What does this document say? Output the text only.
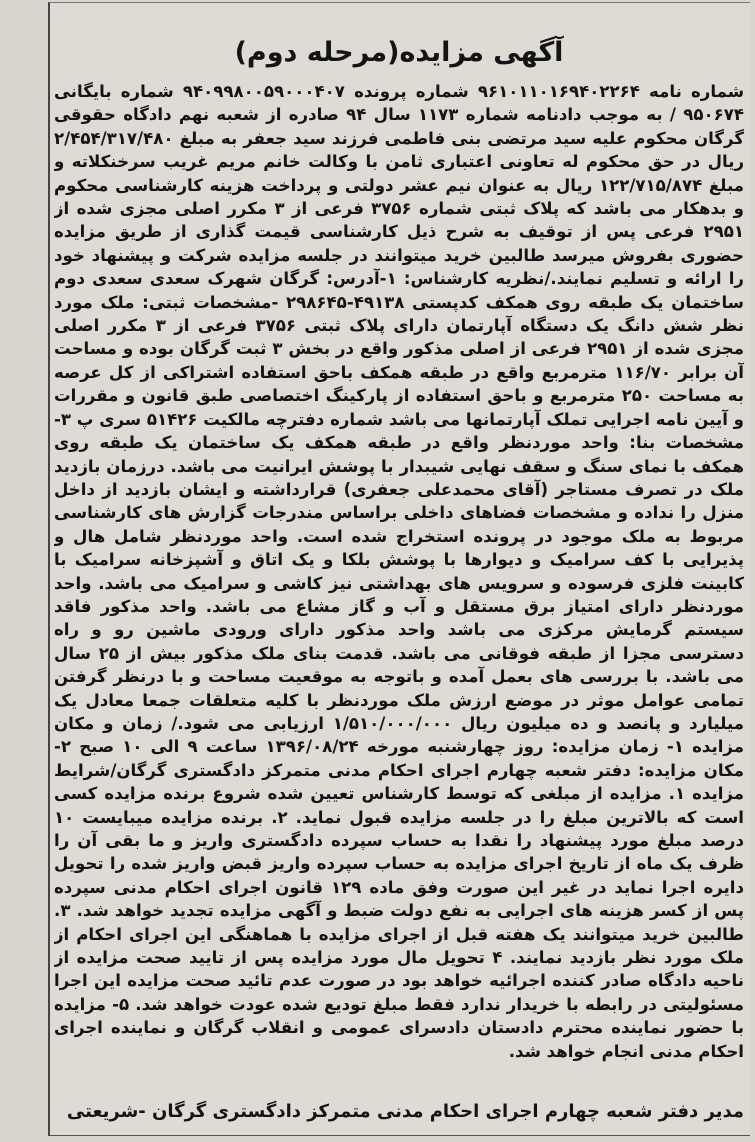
آگهی مزایده(مرحله دوم)
شماره نامه ۹۶۱۰۱۱۰۱۶۹۴۰۲۲۶۴ شماره پرونده ۹۴۰۹۹۸۰۰۵۹۰۰۰۴۰۷ شماره بایگانی ۹۵۰۶۷۴ / به موجب دادنامه شماره ۱۱۷۳ سال ۹۴ صادره از شعبه نهم دادگاه حقوقی گرگان محکوم علیه سید مرتضی بنی فاطمی فرزند سید جعفر به مبلغ ۲/۴۵۴/۳۱۷/۴۸۰ ریال در حق محکوم له تعاونی اعتباری ثامن با وکالت خانم مریم غریب سرخنکلاته و مبلغ ۱۲۲/۷۱۵/۸۷۴ ریال به عنوان نیم عشر دولتی و پرداخت هزینه کارشناسی محکوم و بدهکار می باشد که پلاک ثبتی شماره ۳۷۵۶ فرعی از ۳ مکرر اصلی مجزی شده از ۲۹۵۱ فرعی پس از توقیف به شرح ذیل کارشناسی قیمت گذاری از طریق مزایده حضوری بفروش میرسد طالبین خرید میتوانند در جلسه مزایده شرکت و پیشنهاد خود را ارائه و تسلیم نمایند./نظریه کارشناس: ۱-آدرس: گرگان شهرک سعدی سعدی دوم ساختمان یک طبقه روی همکف کدپستی ۴۹۱۳۸-۲۹۸۶۴۵ -مشخصات ثبتی: ملک مورد نظر شش دانگ یک دستگاه آپارتمان دارای پلاک ثبتی ۳۷۵۶ فرعی از ۳ مکرر اصلی مجزی شده از ۲۹۵۱ فرعی از اصلی مذکور واقع در بخش ۳ ثبت گرگان بوده و مساحت آن برابر ۱۱۶/۷۰ مترمربع واقع در طبقه همکف باحق استفاده اشتراکی از کل عرصه به مساحت ۲۵۰ مترمربع و باحق استفاده از پارکینگ اختصاصی طبق قانون و مقررات و آیین نامه اجرایی تملک آپارتمانها می باشد شماره دفترچه مالکیت ۵۱۴۲۶ سری پ ۳- مشخصات بنا: واحد موردنظر واقع در طبقه همکف یک ساختمان یک طبقه روی همکف با نمای سنگ و سقف نهایی شیبدار با پوشش ایرانیت می باشد. درزمان بازدید ملک در تصرف مستاجر (آقای محمدعلی جعفری) قرارداشته و ایشان بازدید از داخل منزل را نداده و مشخصات فضاهای داخلی براساس مندرجات گزارش های کارشناسی مربوط به ملک موجود در پرونده استخراج شده است. واحد موردنظر شامل هال و پذیرایی با کف سرامیک و دیوارها با پوشش بلکا و یک اتاق و آشپزخانه سرامیک با کابینت فلزی فرسوده و سرویس های بهداشتی نیز کاشی و سرامیک می باشد. واحد موردنظر دارای امتیاز برق مستقل و آب و گاز مشاع می باشد. واحد مذکور فاقد سیستم گرمایش مرکزی می باشد واحد مذکور دارای ورودی ماشین رو و راه دسترسی مجزا از طبقه فوقانی می باشد. قدمت بنای ملک مذکور بیش از ۲۵ سال می باشد. با بررسی های بعمل آمده و باتوجه به موقعیت مساحت و با درنظر گرفتن تمامی عوامل موثر در موضع ارزش ملک موردنظر با کلیه متعلقات جمعا معادل یک میلیارد و پانصد و ده میلیون ریال ۱/۵۱۰/۰۰۰/۰۰۰ ارزیابی می شود./ زمان و مکان مزایده ۱- زمان مزایده: روز چهارشنبه مورخه ۱۳۹۶/۰۸/۲۴ ساعت ۹ الی ۱۰ صبح ۲-مکان مزایده: دفتر شعبه چهارم اجرای احکام مدنی متمرکز دادگستری گرگان/شرایط مزایده ۱. مزایده از مبلغی که توسط کارشناس تعیین شده شروع برنده مزایده کسی است که بالاترین مبلغ را در جلسه مزایده قبول نماید. ۲. برنده مزایده میبایست ۱۰ درصد مبلغ مورد پیشنهاد را نقدا به حساب سپرده دادگستری واریز و ما بقی آن را ظرف یک ماه از تاریخ اجرای مزایده به حساب سپرده واریز قبض واریز شده را تحویل دایره اجرا نماید در غیر این صورت وفق ماده ۱۲۹ قانون اجرای احکام مدنی سپرده پس از کسر هزینه های اجرایی به نفع دولت ضبط و آگهی مزایده تجدید خواهد شد. ۳. طالبین خرید میتوانند یک هفته قبل از اجرای مزایده با هماهنگی این اجرای احکام از ملک مورد نظر بازدید نمایند. ۴ تحویل مال مورد مزایده پس از تایید صحت مزایده از ناحیه دادگاه صادر کننده اجرائیه خواهد بود در صورت عدم تائید صحت مزایده این اجرا مسئولیتی در رابطه با خریدار ندارد فقط مبلغ تودیع شده عودت خواهد شد. ۵- مزایده با حضور نماینده محترم دادستان دادسرای عمومی و انقلاب گرگان و نماینده اجرای احکام مدنی انجام خواهد شد.
مدیر دفتر شعبه چهارم اجرای احکام مدنی متمرکز دادگستری گرگان -شریعتی
